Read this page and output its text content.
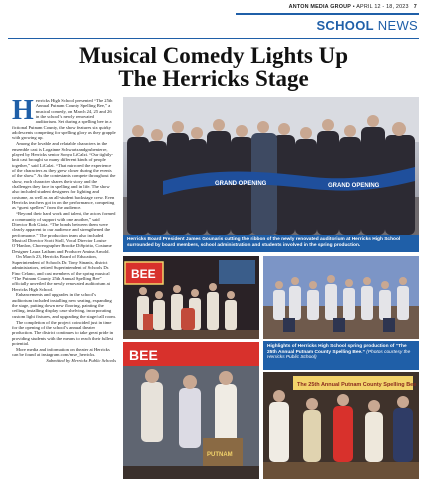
ANTON MEDIA GROUP • APRIL 12 - 18, 2023 7
SCHOOL NEWS
Musical Comedy Lights Up
The Herricks Stage

Herrricks High School presented “The 25th Annual Putnam County Spelling Bee,” a musical comedy, on March 24, 25 and 26 in the school’s newly renovated auditorium. Set during a spelling bee in a fictional Putnam County, the show features six quirky adolescents competing for spelling glory as they grapple with growing up.

Among the lovable and relatable characters in the ensemble cast is Logainne Schwartzandgrubenierre, played by Herricks senior Sonya LiCalzi. “Our tightly-knit cast brought so many different kinds of people together,” said LiCalzi. “That mirrored the experience of the characters as they grew closer during the events of the show.” As the contestants compete throughout the show, each character shares their story and the challenges they face in spelling and in life. The show also included student designers for lighting and costume, as well as an all-student backstage crew. Even Herricks teachers got in on the performance, competing as “guest spellers” from the audience.

“Beyond their hard work and talent, the actors formed a community of support with one another,” said Director Rob Gioia. “The bonds between them were clearly apparent to our audience and strengthened the performance.” The production team also included Musical Director Scott Stoll, Vocal Director Louise O’Hanlon, Choreographer Brooke DiSpirito, Costume Designer Laura Latham and Producer Amina Arnold.

On March 23, Herricks Board of Education, Superintendent of Schools Dr. Tony Sinanis, district administrators, retired Superintendent of Schools Dr. Fino Celano, and cast members of the spring musical “The Putnam County 25th Annual Spelling Bee” officially unveiled the newly renovated auditorium at Herricks High School.

Enhancements and upgrades in the school’s auditorium included installing new seating, expanding the stage, putting down new flooring, painting the ceiling, installing display case shelving, incorporating custom light fixtures, and upgrading the stage/call room.

The completion of the project coincided just in time for the opening of the school’s annual theater production. The district continues to take great pride in providing students with the means to reach their fullest potential.

More media and information on theater at Herricks can be found at instagram.com/mse_herricks.

Submitted by Herricks Public Schools

GRAND OPENING	GRAND OPENING
Herricks Board President James Gounaris cutting the ribbon of the newly renovated auditorium at Herricks High School surrounded by board members, school administration and students involved in the spring production.
BEE
BEE
PUTNAM
Highlights of Herricks High School spring production of “The 25th Annual Putnam County Spelling Bee.” (Photos courtesy the Herricks Public School)
The 25th Annual Putnam County Spelling Bee
